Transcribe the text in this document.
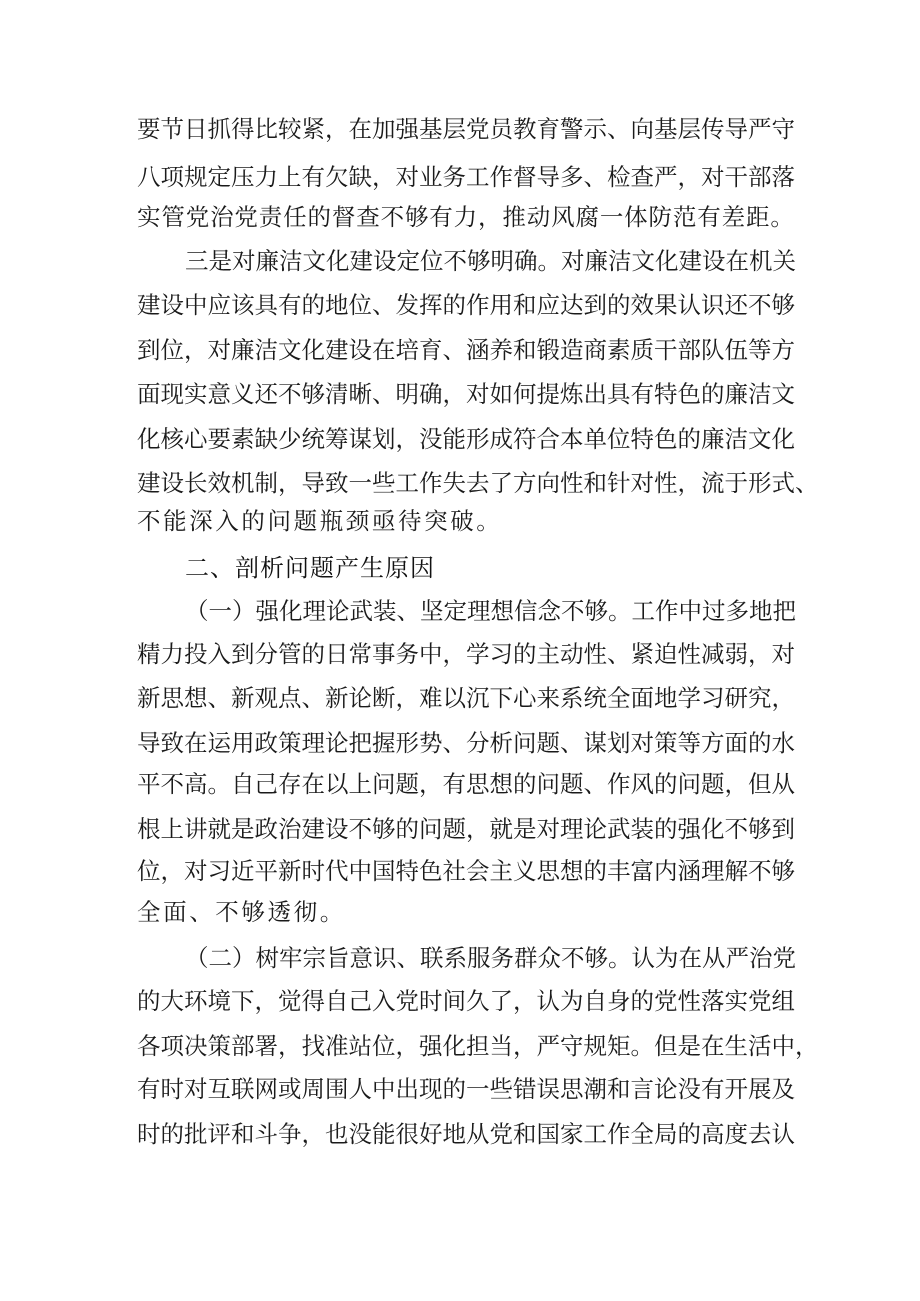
要节日抓得比较紧，在加强基层党员教育警示、向基层传导严守
八项规定压力上有欠缺，对业务工作督导多、检查严，对干部落
实管党治党责任的督查不够有力，推动风腐一体防范有差距。
三是对廉洁文化建设定位不够明确。对廉洁文化建设在机关
建设中应该具有的地位、发挥的作用和应达到的效果认识还不够
到位，对廉洁文化建设在培育、涵养和锻造商素质干部队伍等方
面现实意义还不够清晰、明确，对如何提炼出具有特色的廉洁文
化核心要素缺少统筹谋划，没能形成符合本单位特色的廉洁文化
建设长效机制，导致一些工作失去了方向性和针对性，流于形式、
不能深入的问题瓶颈亟待突破。
二、剖析问题产生原因
（一）强化理论武装、坚定理想信念不够。工作中过多地把
精力投入到分管的日常事务中，学习的主动性、紧迫性减弱，对
新思想、新观点、新论断，难以沉下心来系统全面地学习研究，
导致在运用政策理论把握形势、分析问题、谋划对策等方面的水
平不高。自己存在以上问题，有思想的问题、作风的问题，但从
根上讲就是政治建设不够的问题，就是对理论武装的强化不够到
位，对习近平新时代中国特色社会主义思想的丰富内涵理解不够
全面、不够透彻。
（二）树牢宗旨意识、联系服务群众不够。认为在从严治党
的大环境下，觉得自己入党时间久了，认为自身的党性落实党组
各项决策部署，找准站位，强化担当，严守规矩。但是在生活中，
有时对互联网或周围人中出现的一些错误思潮和言论没有开展及
时的批评和斗争，也没能很好地从党和国家工作全局的高度去认
